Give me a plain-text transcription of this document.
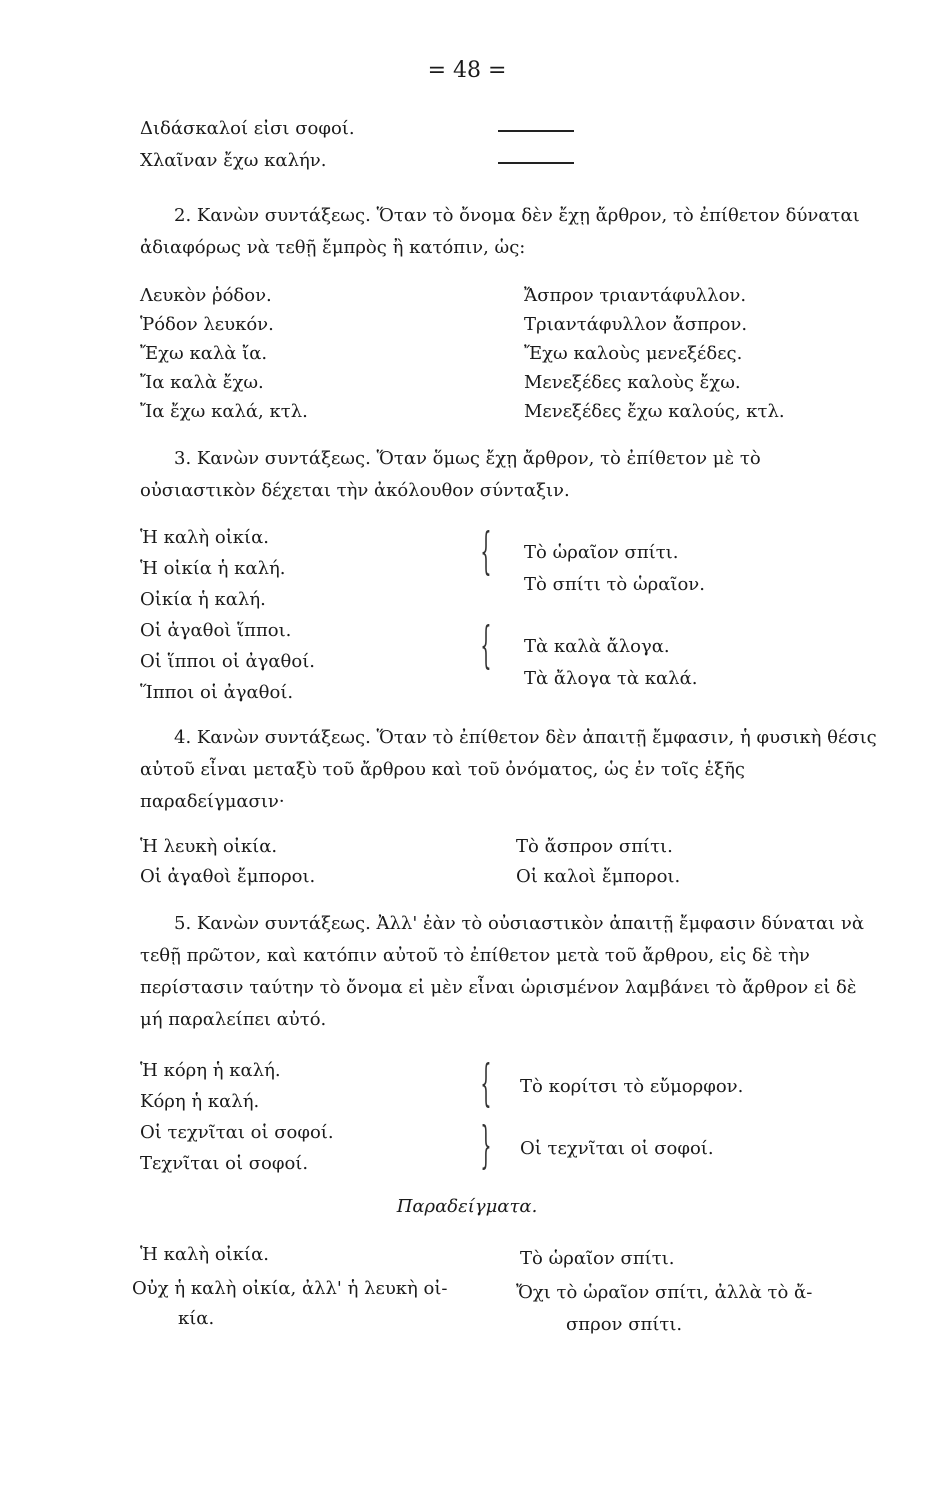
= 48 =
Διδάσκαλοί εἰσι σοφοί.
Χλαῖναν ἔχω καλήν.
2. Κανὼν συντάξεως. Ὅταν τὸ ὄνομα δὲν ἔχῃ ἄρθρον, τὸ ἐπίθετον δύναται ἀδιαφόρως νὰ τεθῇ ἔμπρὸς ἢ κατόπιν, ὡς:
Λευκὸν ῥόδον.
Ῥόδον λευκόν.
Ἔχω καλὰ ἴα.
Ἴα καλὰ ἔχω.
Ἴα ἔχω καλά, κτλ.
Ἄσπρον τριαντάφυλλον.
Τριαντάφυλλον ἄσπρον.
Ἔχω καλοὺς μενεξέδες.
Μενεξέδες καλοὺς ἔχω.
Μενεξέδες ἔχω καλούς, κτλ.
3. Κανὼν συντάξεως. Ὅταν ὅμως ἔχῃ ἄρθρον, τὸ ἐπίθετον μὲ τὸ οὐσιαστικὸν δέχεται τὴν ἀκόλουθον σύνταξιν.
Ἡ καλὴ οἰκία.
Ἡ οἰκία ἡ καλή.
Οἰκία ἡ καλή.
Οἱ ἀγαθοὶ ἵπποι.
Οἱ ἵπποι οἱ ἀγαθοί.
Ἵπποι οἱ ἀγαθοί.
{
{
Τὸ ὡραῖον σπίτι.
Τὸ σπίτι τὸ ὡραῖον.
Τὰ καλὰ ἄλογα.
Τὰ ἄλογα τὰ καλά.
4. Κανὼν συντάξεως. Ὅταν τὸ ἐπίθετον δὲν ἀπαιτῇ ἔμφασιν, ἡ φυσικὴ θέσις αὐτοῦ εἶναι μεταξὺ τοῦ ἄρθρου καὶ τοῦ ὀνόματος, ὡς ἐν τοῖς ἑξῆς παραδείγμασιν·
Ἡ λευκὴ οἰκία.
Οἱ ἀγαθοὶ ἔμποροι.
Τὸ ἄσπρον σπίτι.
Οἱ καλοὶ ἔμποροι.
5. Κανὼν συντάξεως. Ἀλλ' ἐὰν τὸ οὐσιαστικὸν ἀπαιτῇ ἔμφασιν δύναται νὰ τεθῇ πρῶτον, καὶ κατόπιν αὐτοῦ τὸ ἐπίθετον μετὰ τοῦ ἄρθρου, εἰς δὲ τὴν περίστασιν ταύτην τὸ ὄνομα εἰ μὲν εἶναι ὡρισμένον λαμβάνει τὸ ἄρθρον εἰ δὲ μή παραλείπει αὐτό.
Ἡ κόρη ἡ καλή.
Κόρη ἡ καλή.
Οἱ τεχνῖται οἱ σοφοί.
Τεχνῖται οἱ σοφοί.
{
}
Τὸ κορίτσι τὸ εὔμορφον.
Οἱ τεχνῖται οἱ σοφοί.
Παραδείγματα.
Ἡ καλὴ οἰκία.
Οὐχ ἡ καλὴ οἰκία, ἀλλ' ἡ λευκὴ οἰ-
κία.
Τὸ ὡραῖον σπίτι.
Ὄχι τὸ ὡραῖον σπίτι, ἀλλὰ τὸ ἄ-
σπρον σπίτι.
